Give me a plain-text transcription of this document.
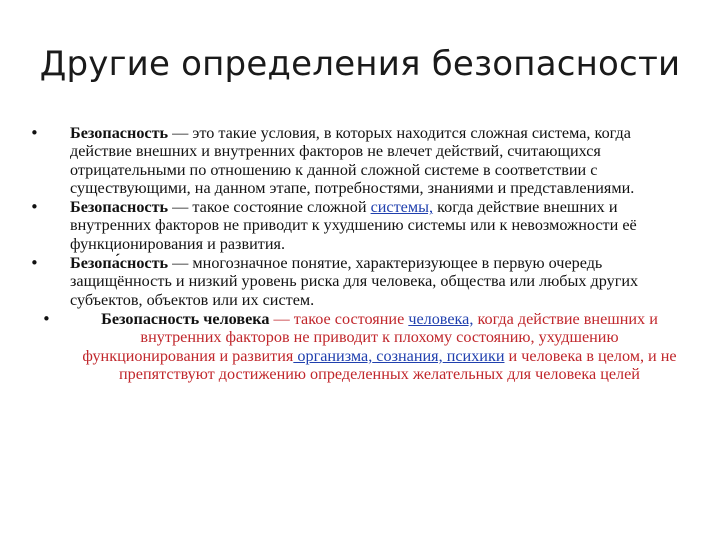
Другие определения безопасности
• Безопасность — это такие условия, в которых находится сложная система, когда действие внешних и внутренних факторов не влечет действий, считающихся отрицательными по отношению к данной сложной системе в соответствии с существующими, на данном этапе, потребностями, знаниями и представлениями.
• Безопасность — такое состояние сложной системы, когда действие внешних и внутренних факторов не приводит к ухудшению системы или к невозможности её функционирования и развития.
• Безопа́сность — многозначное понятие, характеризующее в первую очередь защищённость и низкий уровень риска для человека, общества или любых других субъектов, объектов или их систем.
•	Безопасность человека — такое состояние человека, когда действие внешних и внутренних факторов не приводит к плохому состоянию, ухудшению функционирования и развития организма, сознания, психики и человека в целом, и не препятствуют достижению определенных желательных для человека целей
